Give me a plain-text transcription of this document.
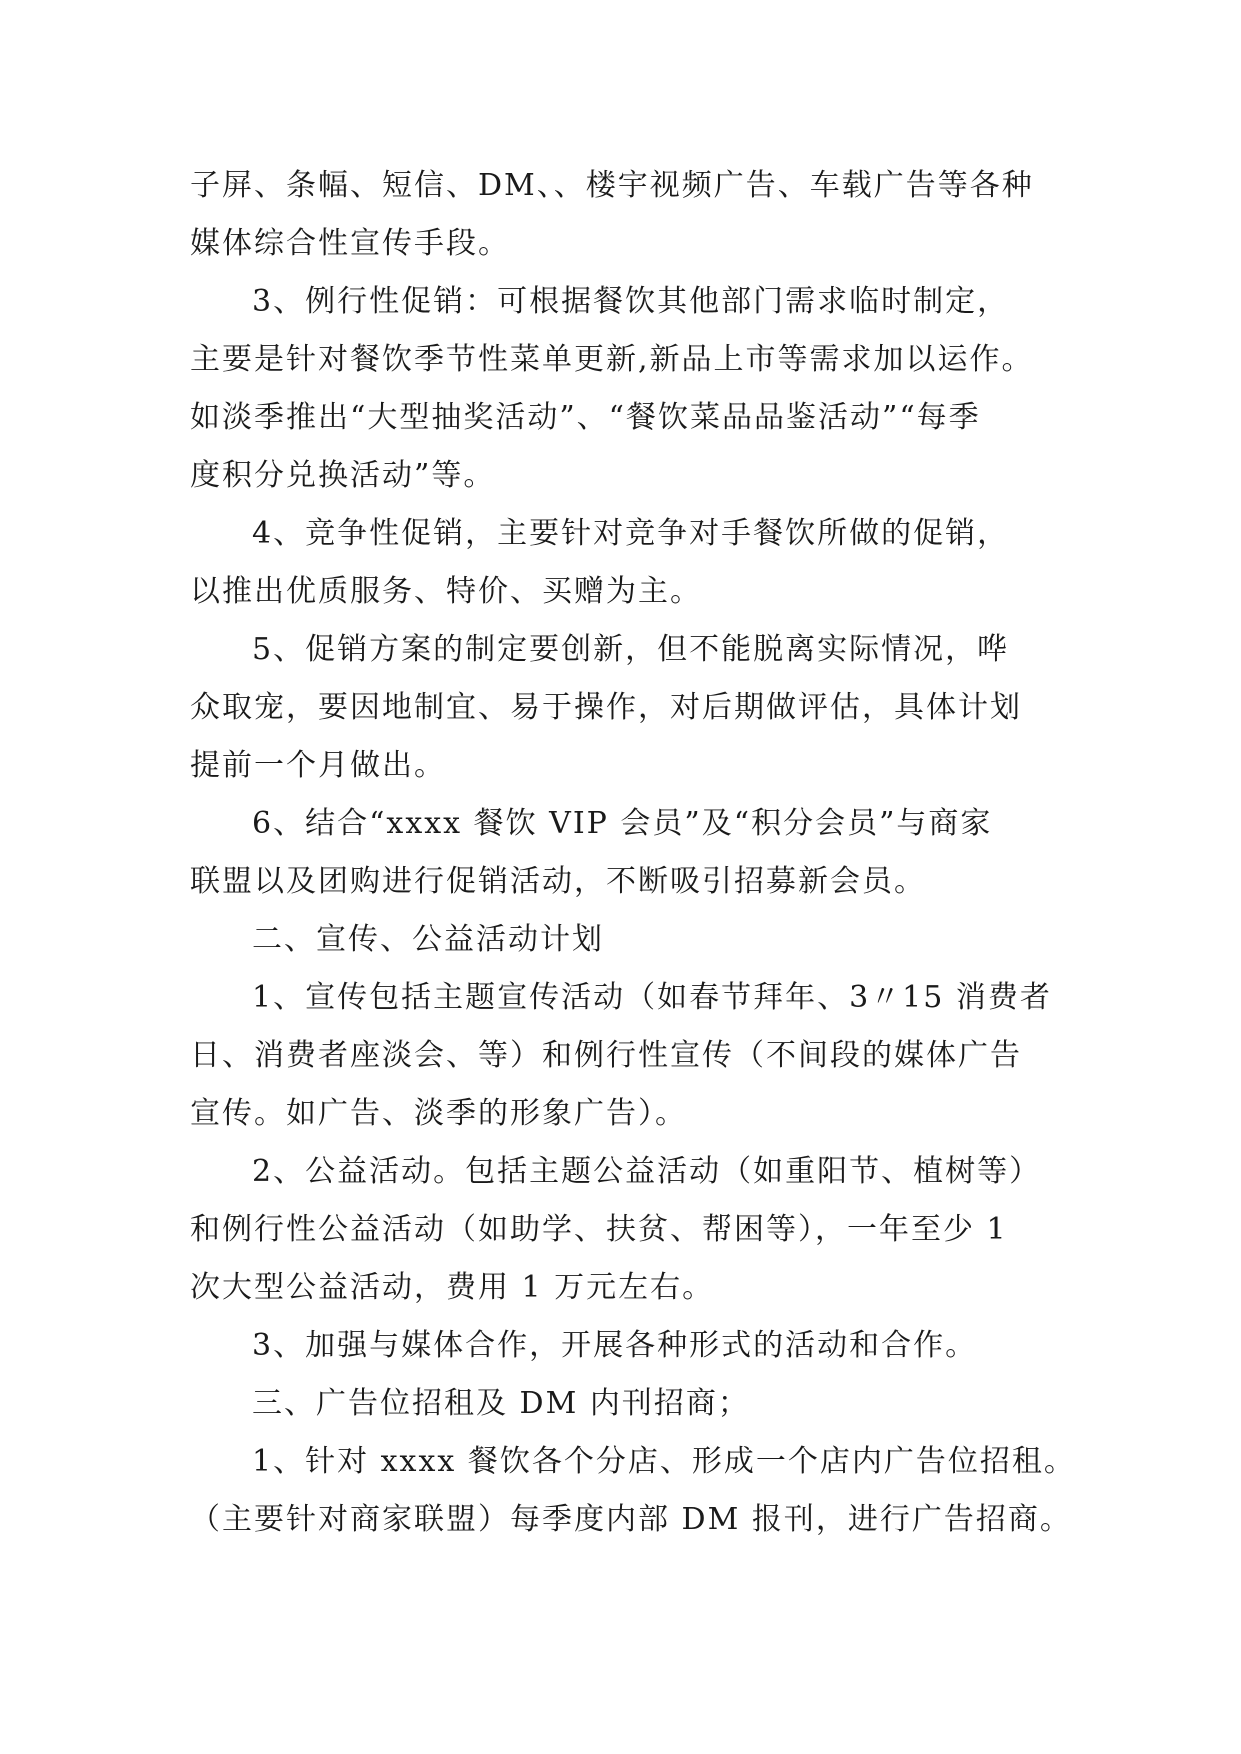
子屏、条幅、短信、DM、、楼宇视频广告、车载广告等各种
媒体综合性宣传手段。
3、例行性促销：可根据餐饮其他部门需求临时制定，
主要是针对餐饮季节性菜单更新,新品上市等需求加以运作。
如淡季推出“大型抽奖活动”、“餐饮菜品品鉴活动”“每季
度积分兑换活动”等。
4、竞争性促销，主要针对竞争对手餐饮所做的促销，
以推出优质服务、特价、买赠为主。
5、促销方案的制定要创新，但不能脱离实际情况，哗
众取宠，要因地制宜、易于操作，对后期做评估，具体计划
提前一个月做出。
6、结合“xxxx 餐饮 VIP 会员”及“积分会员”与商家
联盟以及团购进行促销活动，不断吸引招募新会员。
二、宣传、公益活动计划
1、宣传包括主题宣传活动（如春节拜年、3〃15 消费者
日、消费者座淡会、等）和例行性宣传（不间段的媒体广告
宣传。如广告、淡季的形象广告）。
2、公益活动。包括主题公益活动（如重阳节、植树等）
和例行性公益活动（如助学、扶贫、帮困等），一年至少 1
次大型公益活动，费用 1 万元左右。
3、加强与媒体合作，开展各种形式的活动和合作。
三、广告位招租及 DM 内刊招商；
1、针对 xxxx 餐饮各个分店、形成一个店内广告位招租。
（主要针对商家联盟）每季度内部 DM 报刊，进行广告招商。
